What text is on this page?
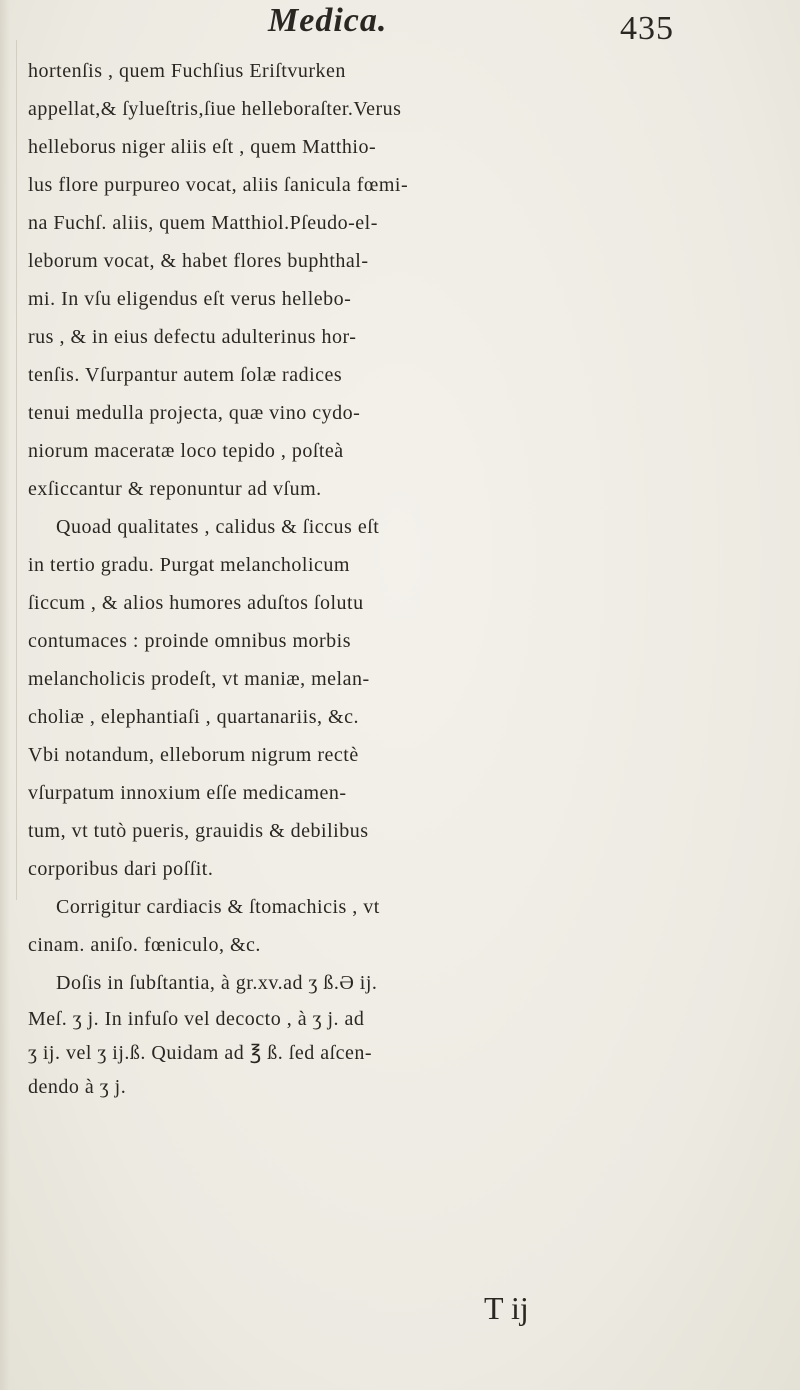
Medica.	435
hortenſis , quem Fuchſius Eriſtvurken
appellat,& ſylueſtris,ſiue helleboraſter.Verus
helleborus niger aliis eſt , quem Matthio-
lus flore purpureo vocat, aliis ſanicula fœmi-
na Fuchſ. aliis, quem Matthiol.Pſeudo-el-
leborum vocat, & habet flores buphthal-
mi. In vſu eligendus eſt verus hellebo-
rus , & in eius defectu adulterinus hor-
tenſis. Vſurpantur autem ſolæ radices
tenui medulla projecta, quæ vino cydo-
niorum maceratæ loco tepido , poſteà
exſiccantur & reponuntur ad vſum.
Quoad qualitates , calidus & ſiccus eſt
in tertio gradu. Purgat melancholicum
ſiccum , & alios humores aduſtos ſolutu
contumaces : proinde omnibus morbis
melancholicis prodeſt, vt maniæ, melan-
choliæ , elephantiaſi , quartanariis, &c.
Vbi notandum, elleborum nigrum rectè
vſurpatum innoxium eſſe medicamen-
tum, vt tutò pueris, grauidis & debilibus
corporibus dari poſſit.
Corrigitur cardiacis & ſtomachicis , vt
cinam. aniſo. fœniculo, &c.
Doſis in ſubſtantia, à gr.xv.ad ʒ ß.Ə ij.
Meſ. ʒ j. In infuſo vel decocto , à ʒ j. ad
ʒ ij. vel ʒ ij.ß. Quidam ad ℥ ß. ſed aſcen-
dendo à ʒ j.
T ij
